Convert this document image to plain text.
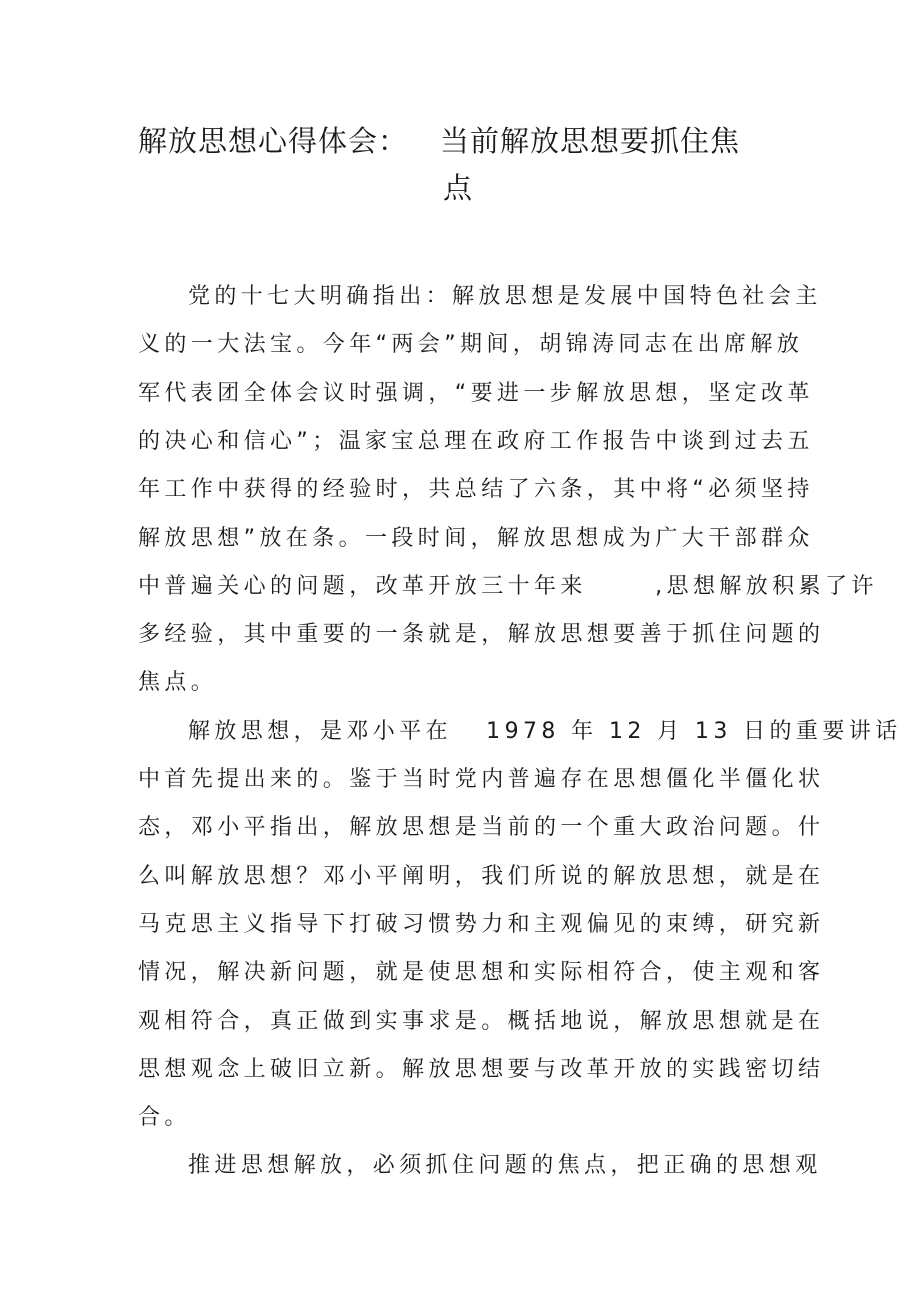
解放思想心得体会： 当前解放思想要抓住焦
点
党的十七大明确指出：解放思想是发展中国特色社会主
义的一大法宝。今年“两会”期间，胡锦涛同志在出席解放
军代表团全体会议时强调，“要进一步解放思想，坚定改革
的决心和信心”；温家宝总理在政府工作报告中谈到过去五
年工作中获得的经验时，共总结了六条，其中将“必须坚持
解放思想”放在条。一段时间，解放思想成为广大干部群众
中普遍关心的问题，改革开放三十年来      ,思想解放积累了许
多经验，其中重要的一条就是，解放思想要善于抓住问题的
焦点。
解放思想，是邓小平在   1978 年 12 月 13 日的重要讲话
中首先提出来的。鉴于当时党内普遍存在思想僵化半僵化状
态，邓小平指出，解放思想是当前的一个重大政治问题。什
么叫解放思想？邓小平阐明，我们所说的解放思想，就是在
马克思主义指导下打破习惯势力和主观偏见的束缚，研究新
情况，解决新问题，就是使思想和实际相符合，使主观和客
观相符合，真正做到实事求是。概括地说，解放思想就是在
思想观念上破旧立新。解放思想要与改革开放的实践密切结
合。
推进思想解放，必须抓住问题的焦点，把正确的思想观
